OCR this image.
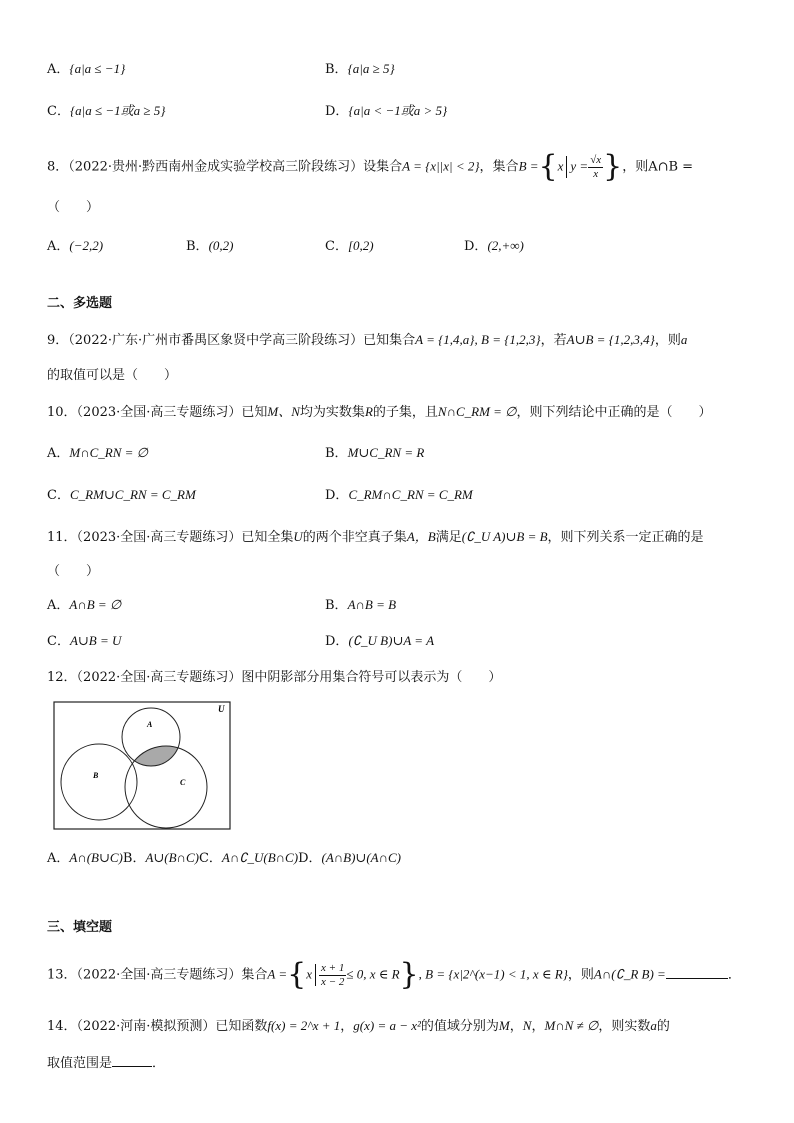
A．{a|a ≤ −1}	B．{a|a ≥ 5}
C．{a|a ≤ −1或a ≥ 5}	D．{a|a < −1或a > 5}
8．（2022·贵州·黔西南州金成实验学校高三阶段练习）设集合A = {x||x| < 2}，集合B ={x $y = \frac{√x}{x}$ }，则A∩B =
（　　）
A．(−2,2)	B．(0,2)	C．[0,2)	D．(2,+∞)
二、多选题
9．（2022·广东·广州市番禺区象贤中学高三阶段练习）已知集合A = {1,4,a}, B = {1,2,3}，若A∪B = {1,2,3,4}，则a
的取值可以是（　　）
10．（2023·全国·高三专题练习）已知M、N均为实数集R的子集，且N∩C_RM = ∅，则下列结论中正确的是（　　）
A．M∩C_RN = ∅	B．M∪C_RN = R
C．C_RM∪C_RN = C_RM	D．C_RM∩C_RN = C_RM
11．（2023·全国·高三专题练习）已知全集U的两个非空真子集A，B满足(∁_U A)∪B = B，则下列关系一定正确的是
（　　）
A．A∩B = ∅	B．A∩B = B
C．A∪B = U	D．(∁_U B)∪A = A
12．（2022·全国·高三专题练习）图中阴影部分用集合符号可以表示为（　　）
U
A
B
C
A．A∩(B∪C)B．A∪(B∩C)C．A∩∁_U(B∩C)D．(A∩B)∪(A∩C)
三、填空题
13．（2022·全国·高三专题练习）集合$A =\{x \frac{x + 1}{x - 2} \le 0$, x ∈ R}, B = {x|2^(x−1) < 1, x ∈ R}，则A∩(∁_R B) =	．
14．（2022·河南·模拟预测）已知函数f(x) = 2^x + 1，g(x) = a − x²的值域分别为M，N，M∩N ≠ ∅，则实数a的
取值范围是	．
